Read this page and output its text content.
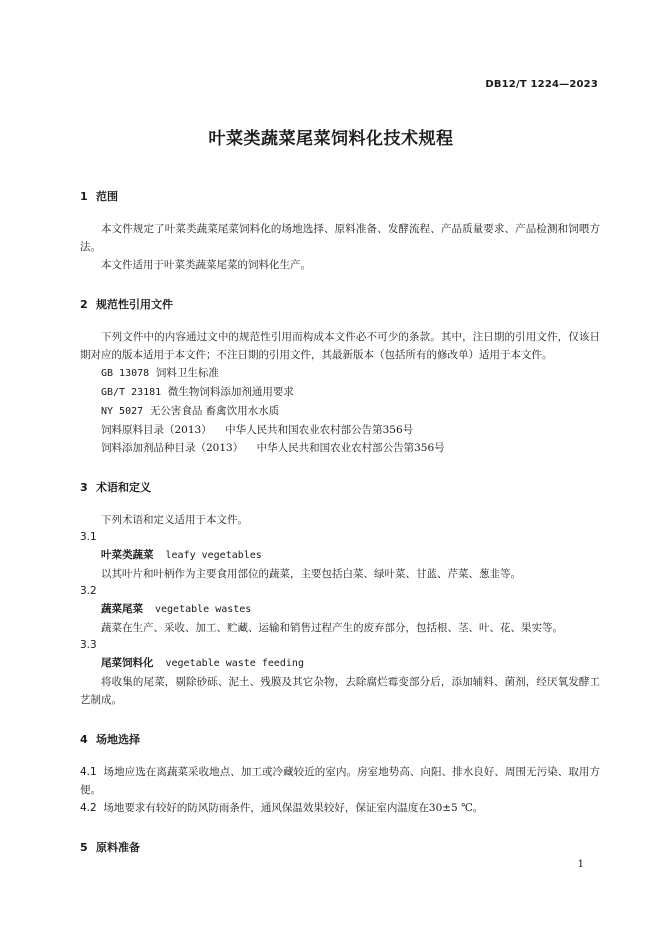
DB12/T 1224—2023
叶菜类蔬菜尾菜饲料化技术规程
1 范围

本文件规定了叶菜类蔬菜尾菜饲料化的场地选择、原料准备、发酵流程、产品质量要求、产品检测和饲喂方法。

本文件适用于叶菜类蔬菜尾菜的饲料化生产。

2 规范性引用文件

下列文件中的内容通过文中的规范性引用而构成本文件必不可少的条款。其中，注日期的引用文件，仅该日期对应的版本适用于本文件；不注日期的引用文件，其最新版本（包括所有的修改单）适用于本文件。

GB 13078 饲料卫生标准

GB/T 23181 微生物饲料添加剂通用要求

NY 5027 无公害食品 畜禽饮用水水质

饲料原料目录（2013） 中华人民共和国农业农村部公告第356号

饲料添加剂品种目录（2013） 中华人民共和国农业农村部公告第356号

3 术语和定义

下列术语和定义适用于本文件。

3.1
叶菜类蔬菜 leafy vegetables

以其叶片和叶柄作为主要食用部位的蔬菜，主要包括白菜、绿叶菜、甘蓝、芹菜、葱韭等。

3.2
蔬菜尾菜 vegetable wastes

蔬菜在生产、采收、加工、贮藏、运输和销售过程产生的废弃部分，包括根、茎、叶、花、果实等。

3.3
尾菜饲料化 vegetable waste feeding

将收集的尾菜，剔除砂砾、泥土、残膜及其它杂物，去除腐烂霉变部分后，添加辅料、菌剂，经厌氧发酵工艺制成。

4 场地选择

4.1 场地应选在离蔬菜采收地点、加工或冷藏较近的室内。房室地势高、向阳、排水良好、周围无污染、取用方便。

4.2 场地要求有较好的防风防雨条件，通风保温效果较好，保证室内温度在30±5 ℃。

5 原料准备
1
